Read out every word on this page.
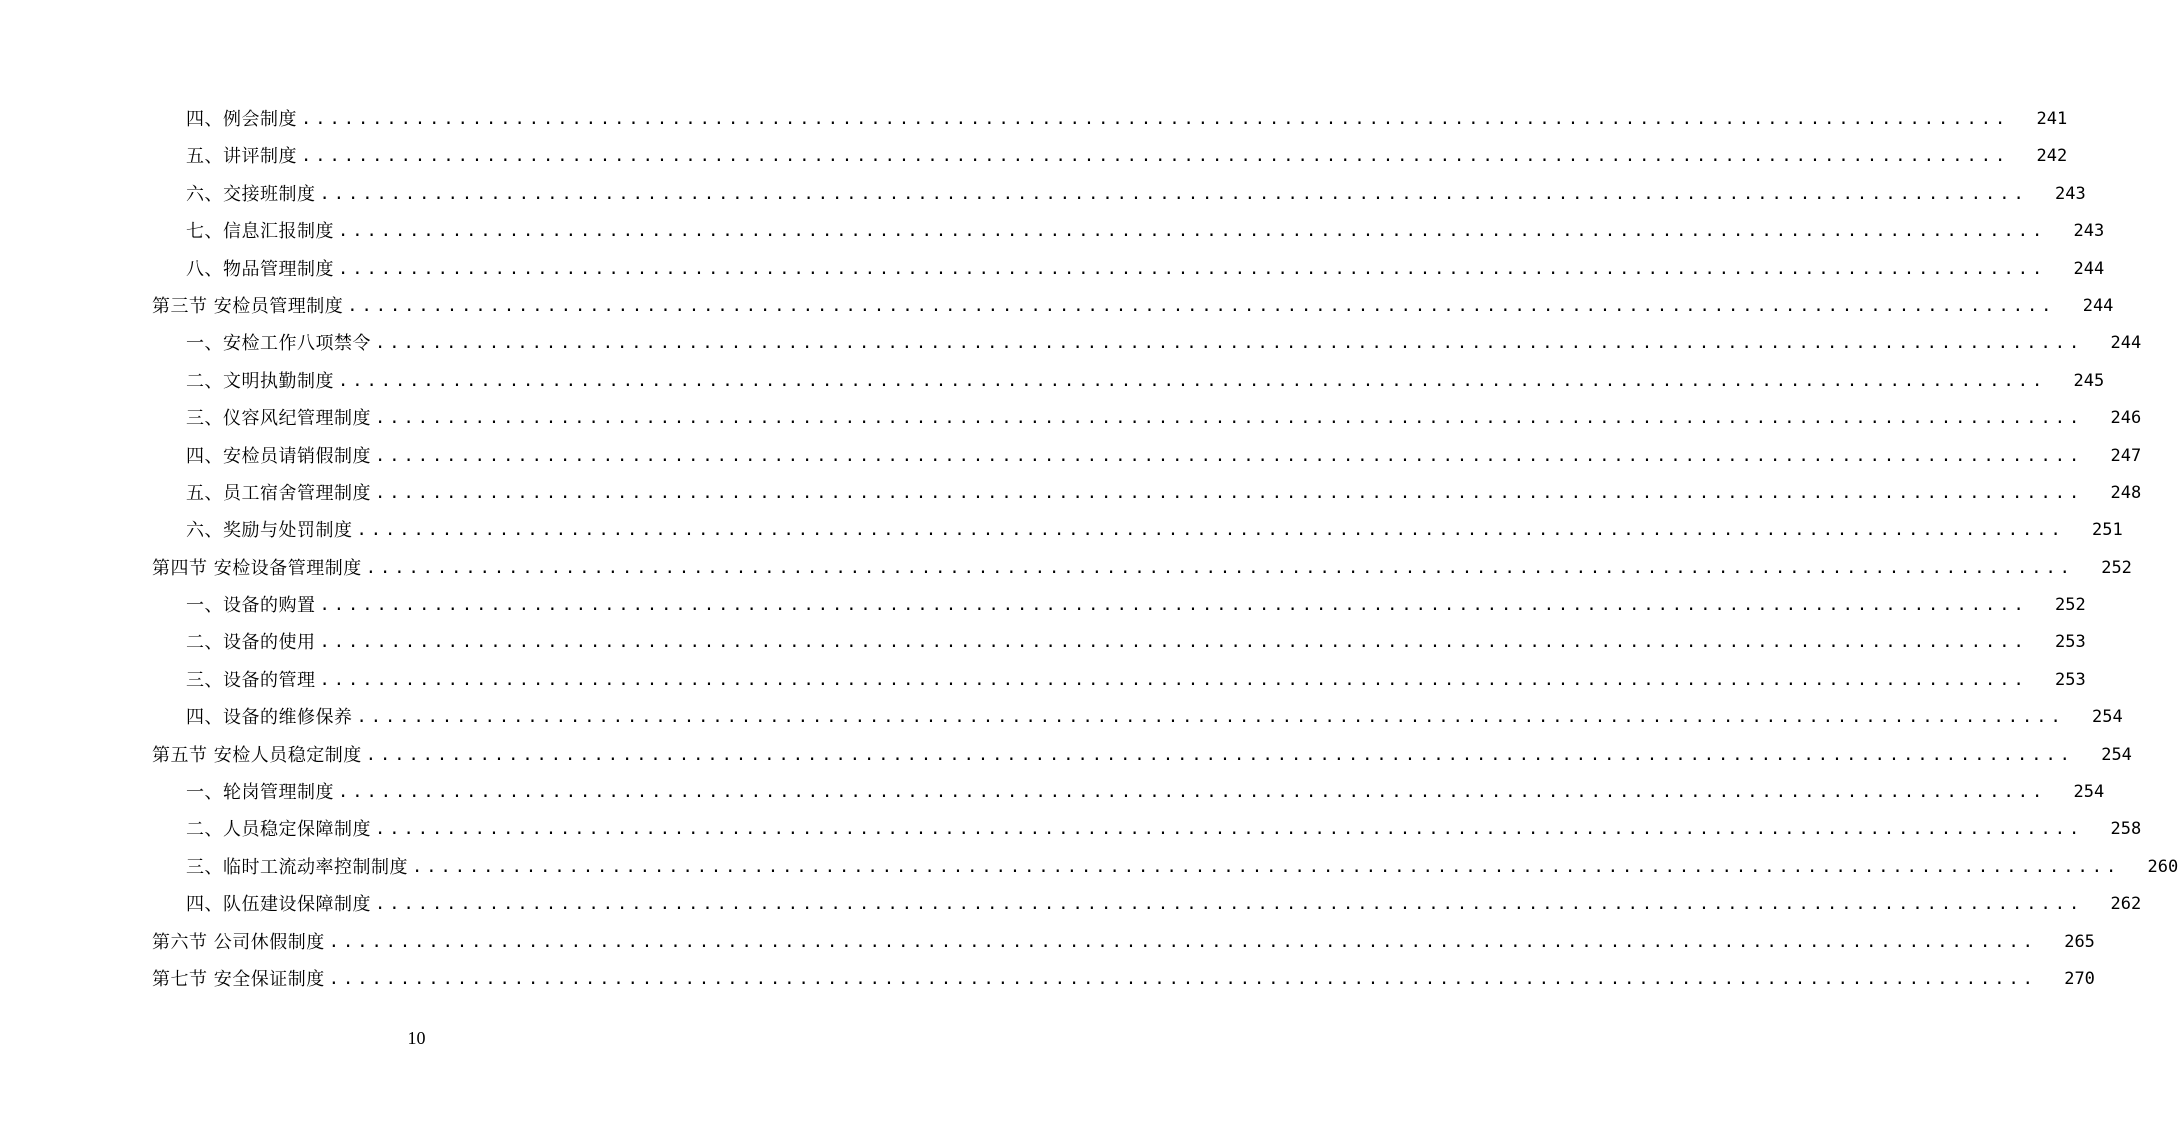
四、例会制度 ........................................................................................................................	241
五、讲评制度 ........................................................................................................................	242
六、交接班制度 ........................................................................................................................	243
七、信息汇报制度 ........................................................................................................................	243
八、物品管理制度 ........................................................................................................................	244
第三节 安检员管理制度 ........................................................................................................................	244
一、安检工作八项禁令 ........................................................................................................................	244
二、文明执勤制度 ........................................................................................................................	245
三、仪容风纪管理制度 ........................................................................................................................	246
四、安检员请销假制度 ........................................................................................................................	247
五、员工宿舍管理制度 ........................................................................................................................	248
六、奖励与处罚制度 ........................................................................................................................	251
第四节 安检设备管理制度 ........................................................................................................................	252
一、设备的购置 ........................................................................................................................	252
二、设备的使用 ........................................................................................................................	253
三、设备的管理 ........................................................................................................................	253
四、设备的维修保养 ........................................................................................................................	254
第五节 安检人员稳定制度 ........................................................................................................................	254
一、轮岗管理制度 ........................................................................................................................	254
二、人员稳定保障制度 ........................................................................................................................	258
三、临时工流动率控制制度 ........................................................................................................................	260
四、队伍建设保障制度 ........................................................................................................................	262
第六节 公司休假制度 ........................................................................................................................	265
第七节 安全保证制度 ........................................................................................................................	270
10
